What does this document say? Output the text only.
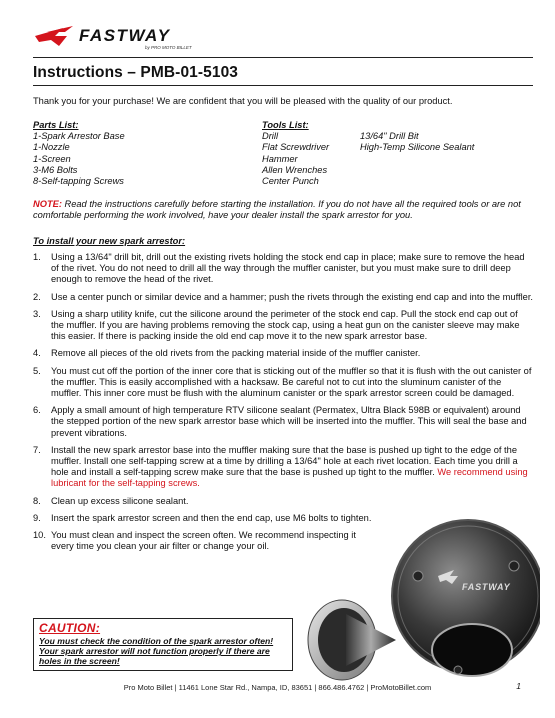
FASTWAY
by PRO MOTO BILLET
Instructions – PMB-01-5103
Thank you for your purchase! We are confident that you will be pleased with the quality of our product.
Parts List:
1-Spark Arrestor Base
1-Nozzle
1-Screen
3-M6 Bolts
8-Self-tapping Screws
Tools List:
Drill
Flat Screwdriver
Hammer
Allen Wrenches
Center Punch
13/64" Drill Bit
High-Temp Silicone Sealant
NOTE: Read the instructions carefully before starting the installation. If you do not have all the required tools or are not comfortable performing the work involved, have your dealer install the spark arrestor for you.
To install your new spark arrestor:
1. Using a 13/64" drill bit, drill out the existing rivets holding the stock end cap in place; make sure to remove the head of the rivet. You do not need to drill all the way through the muffler canister, but you must make sure to drill deep enough to remove the head of the rivet.
2. Use a center punch or similar device and a hammer; push the rivets through the existing end cap and into the muffler.
3. Using a sharp utility knife, cut the silicone around the perimeter of the stock end cap. Pull the stock end cap out of the muffler. If you are having problems removing the stock cap, using a heat gun on the canister sleeve may make this easier. If there is packing inside the old end cap move it to the new spark arrestor base.
4. Remove all pieces of the old rivets from the packing material inside of the muffler canister.
5. You must cut off the portion of the inner core that is sticking out of the muffler so that it is flush with the out canister of the muffler. This is easily accomplished with a hacksaw. Be careful not to cut into the sluminum canister of the muffler. This inner core must be flush with the aluminum canister or the spark arrestor screen could be damaged.
6. Apply a small amount of high temperature RTV silicone sealant (Permatex, Ultra Black 598B or equivalent) around the stepped portion of the new spark arrestor base which will be inserted into the muffler. This will seal the base and prevent vibrations.
7. Install the new spark arrestor base into the muffler making sure that the base is pushed up tight to the edge of the muffler. Install one self-tapping screw at a time by drilling a 13/64" hole at each rivet location. Each time you drill a hole and install a self-tapping screw make sure that the base is pushed up tight to the muffler. We recommend using lubricant for the self-tapping screws.
8. Clean up excess silicone sealant.
9. Insert the spark arrestor screen and then the end cap, use M6 bolts to tighten.
10. You must clean and inspect the screen often. We recommend inspecting it every time you clean your air filter or change your oil.
CAUTION:
You must check the condition of the spark arrestor often! Your spark arrestor will not function properly if there are holes in the screen!
FASTWAY
Pro Moto Billet | 11461 Lone Star Rd., Nampa, ID, 83651 | 866.486.4762 | ProMotoBillet.com	1
